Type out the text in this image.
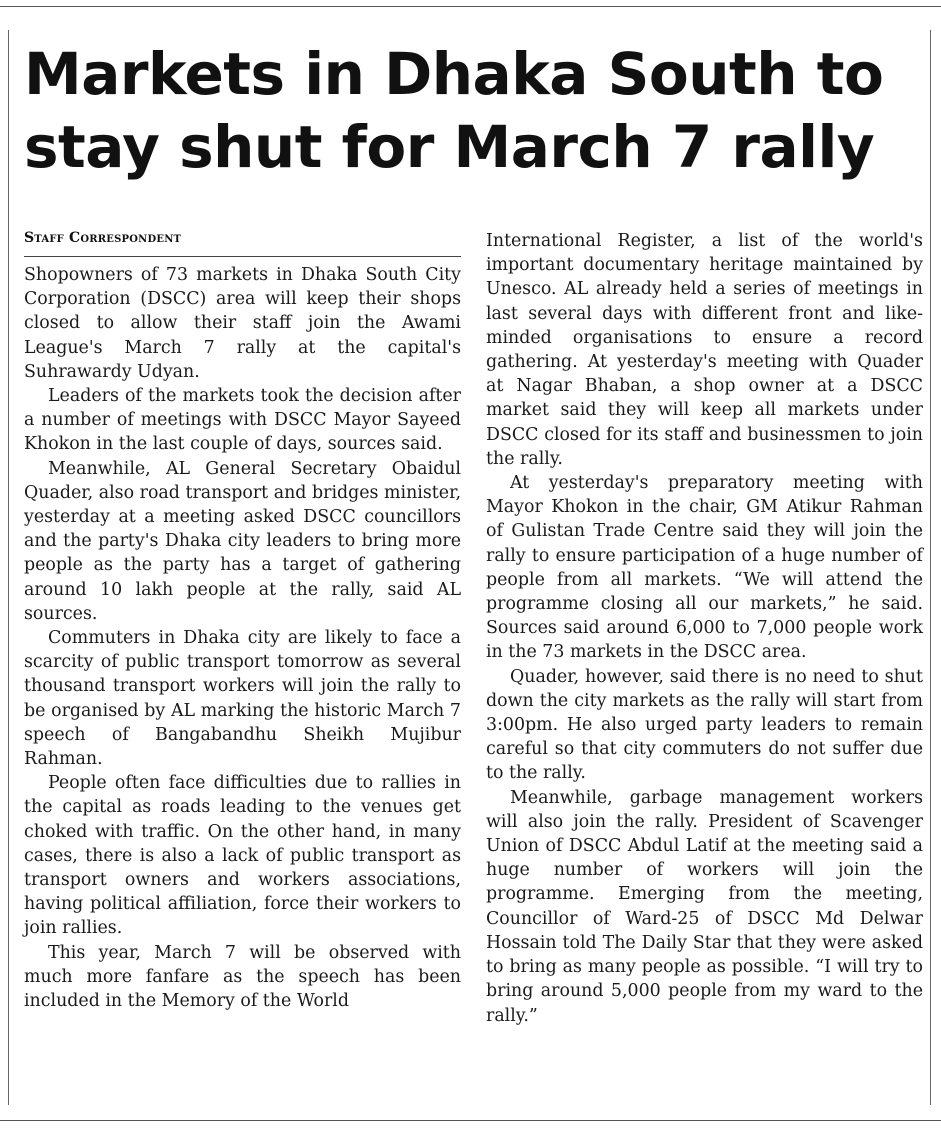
Markets in Dhaka South to stay shut for March 7 rally
Staff Correspondent

Shopowners of 73 markets in Dhaka South City Corporation (DSCC) area will keep their shops closed to allow their staff join the Awami League's March 7 rally at the capital's Suhrawardy Udyan.

Leaders of the markets took the decision after a number of meetings with DSCC Mayor Sayeed Khokon in the last couple of days, sources said.

Meanwhile, AL General Secretary Obaidul Quader, also road transport and bridges minister, yesterday at a meeting asked DSCC councillors and the party's Dhaka city leaders to bring more people as the party has a target of gathering around 10 lakh people at the rally, said AL sources.

Commuters in Dhaka city are likely to face a scarcity of public transport tomorrow as several thousand transport workers will join the rally to be organised by AL marking the historic March 7 speech of Bangabandhu Sheikh Mujibur Rahman.

People often face difficulties due to rallies in the capital as roads leading to the venues get choked with traffic. On the other hand, in many cases, there is also a lack of public transport as transport owners and workers associations, having political affiliation, force their workers to join rallies.

This year, March 7 will be observed with much more fanfare as the speech has been included in the Memory of the World

International Register, a list of the world's important documentary heritage maintained by Unesco. AL already held a series of meetings in last several days with different front and like-minded organisations to ensure a record gathering. At yesterday's meeting with Quader at Nagar Bhaban, a shop owner at a DSCC market said they will keep all markets under DSCC closed for its staff and businessmen to join the rally.

At yesterday's preparatory meeting with Mayor Khokon in the chair, GM Atikur Rahman of Gulistan Trade Centre said they will join the rally to ensure participation of a huge number of people from all markets. “We will attend the programme closing all our markets,” he said. Sources said around 6,000 to 7,000 people work in the 73 markets in the DSCC area.

Quader, however, said there is no need to shut down the city markets as the rally will start from 3:00pm. He also urged party leaders to remain careful so that city commuters do not suffer due to the rally.

Meanwhile, garbage management workers will also join the rally. President of Scavenger Union of DSCC Abdul Latif at the meeting said a huge number of workers will join the programme. Emerging from the meeting, Councillor of Ward-25 of DSCC Md Delwar Hossain told The Daily Star that they were asked to bring as many people as possible. “I will try to bring around 5,000 people from my ward to the rally.”
